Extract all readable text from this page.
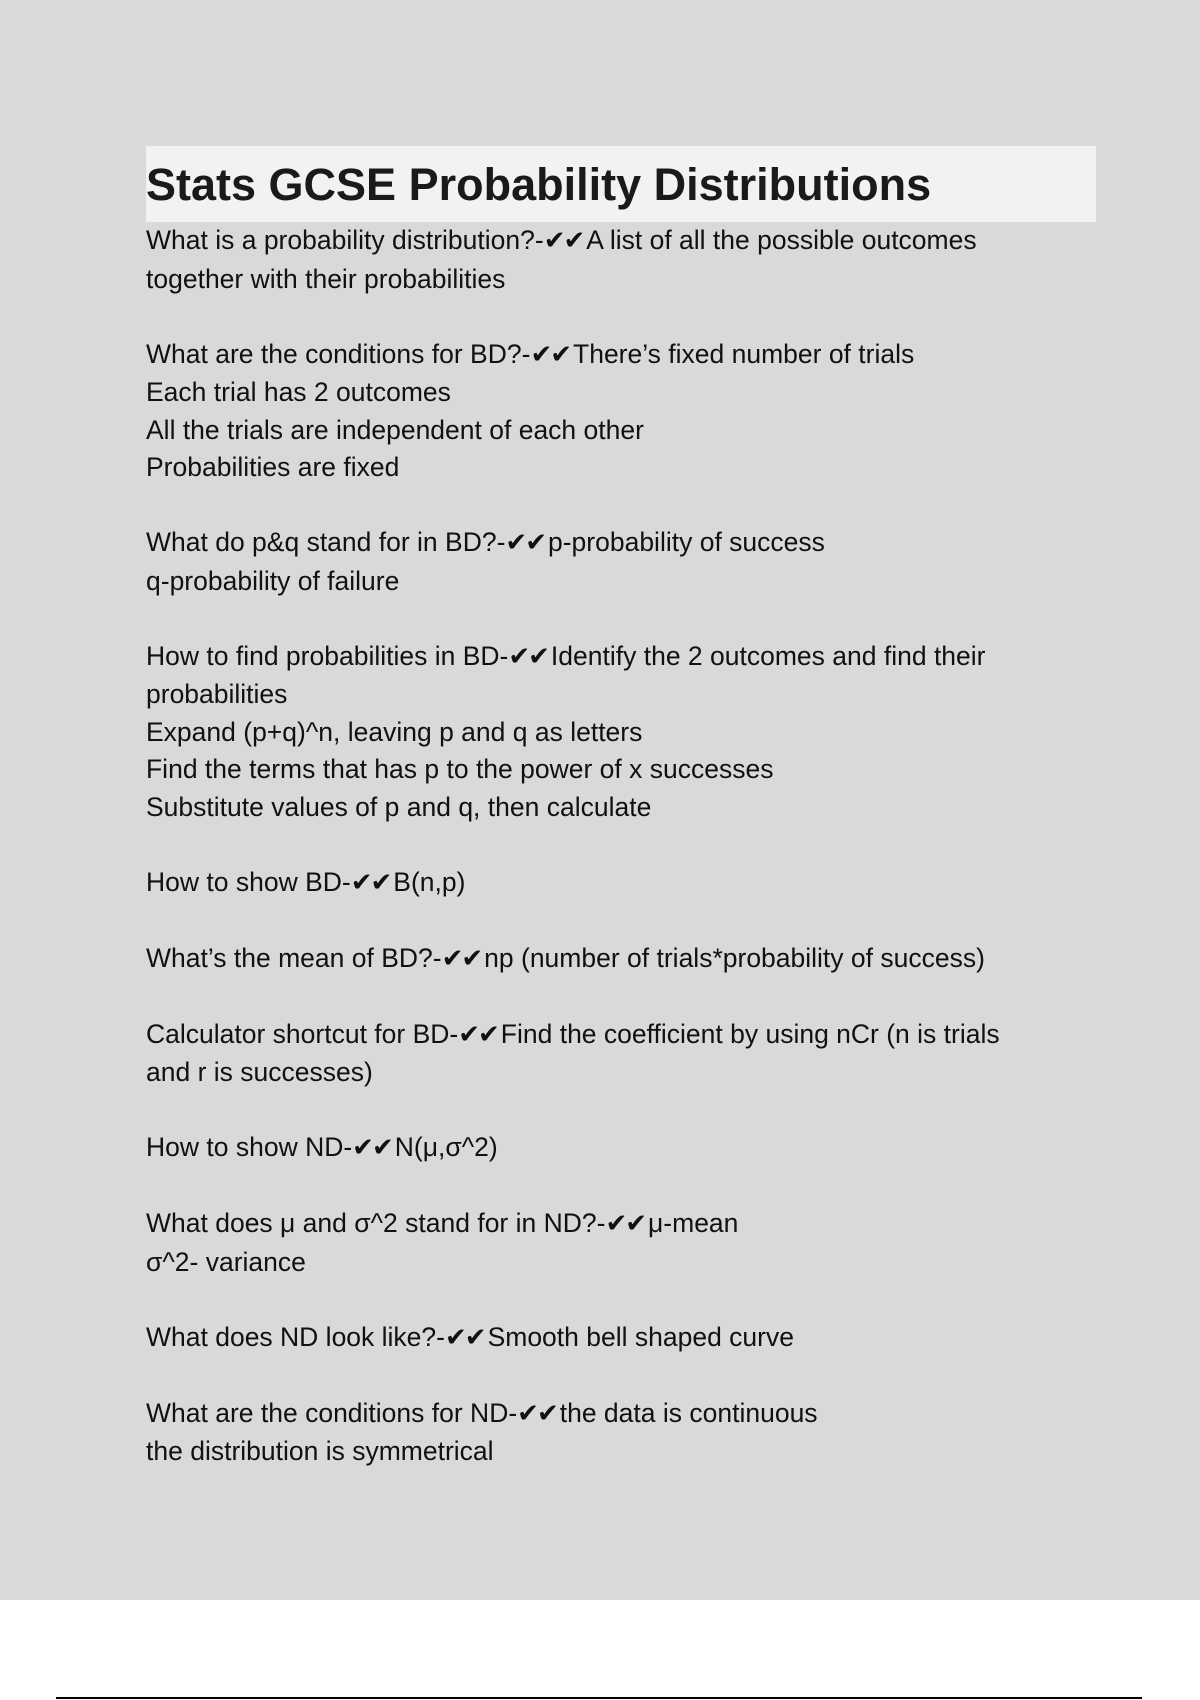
Stats GCSE Probability Distributions

What is a probability distribution?-✔✔ A list of all the possible outcomes
together with their probabilities

What are the conditions for BD?-✔✔ There’s fixed number of trials
Each trial has 2 outcomes
All the trials are independent of each other
Probabilities are fixed

What do p&q stand for in BD?-✔✔ p-probability of success
q-probability of failure

How to find probabilities in BD-✔✔ Identify the 2 outcomes and find their
probabilities
Expand (p+q)^n, leaving p and q as letters
Find the terms that has p to the power of x successes
Substitute values of p and q, then calculate

How to show BD-✔✔ B(n,p)

What’s the mean of BD?-✔✔ np (number of trials*probability of success)

Calculator shortcut for BD-✔✔ Find the coefficient by using nCr (n is trials
and r is successes)

How to show ND-✔✔ N(μ,σ^2)

What does μ and σ^2 stand for in ND?-✔✔ μ-mean
σ^2- variance

What does ND look like?-✔✔ Smooth bell shaped curve

What are the conditions for ND-✔✔ the data is continuous
the distribution is symmetrical
